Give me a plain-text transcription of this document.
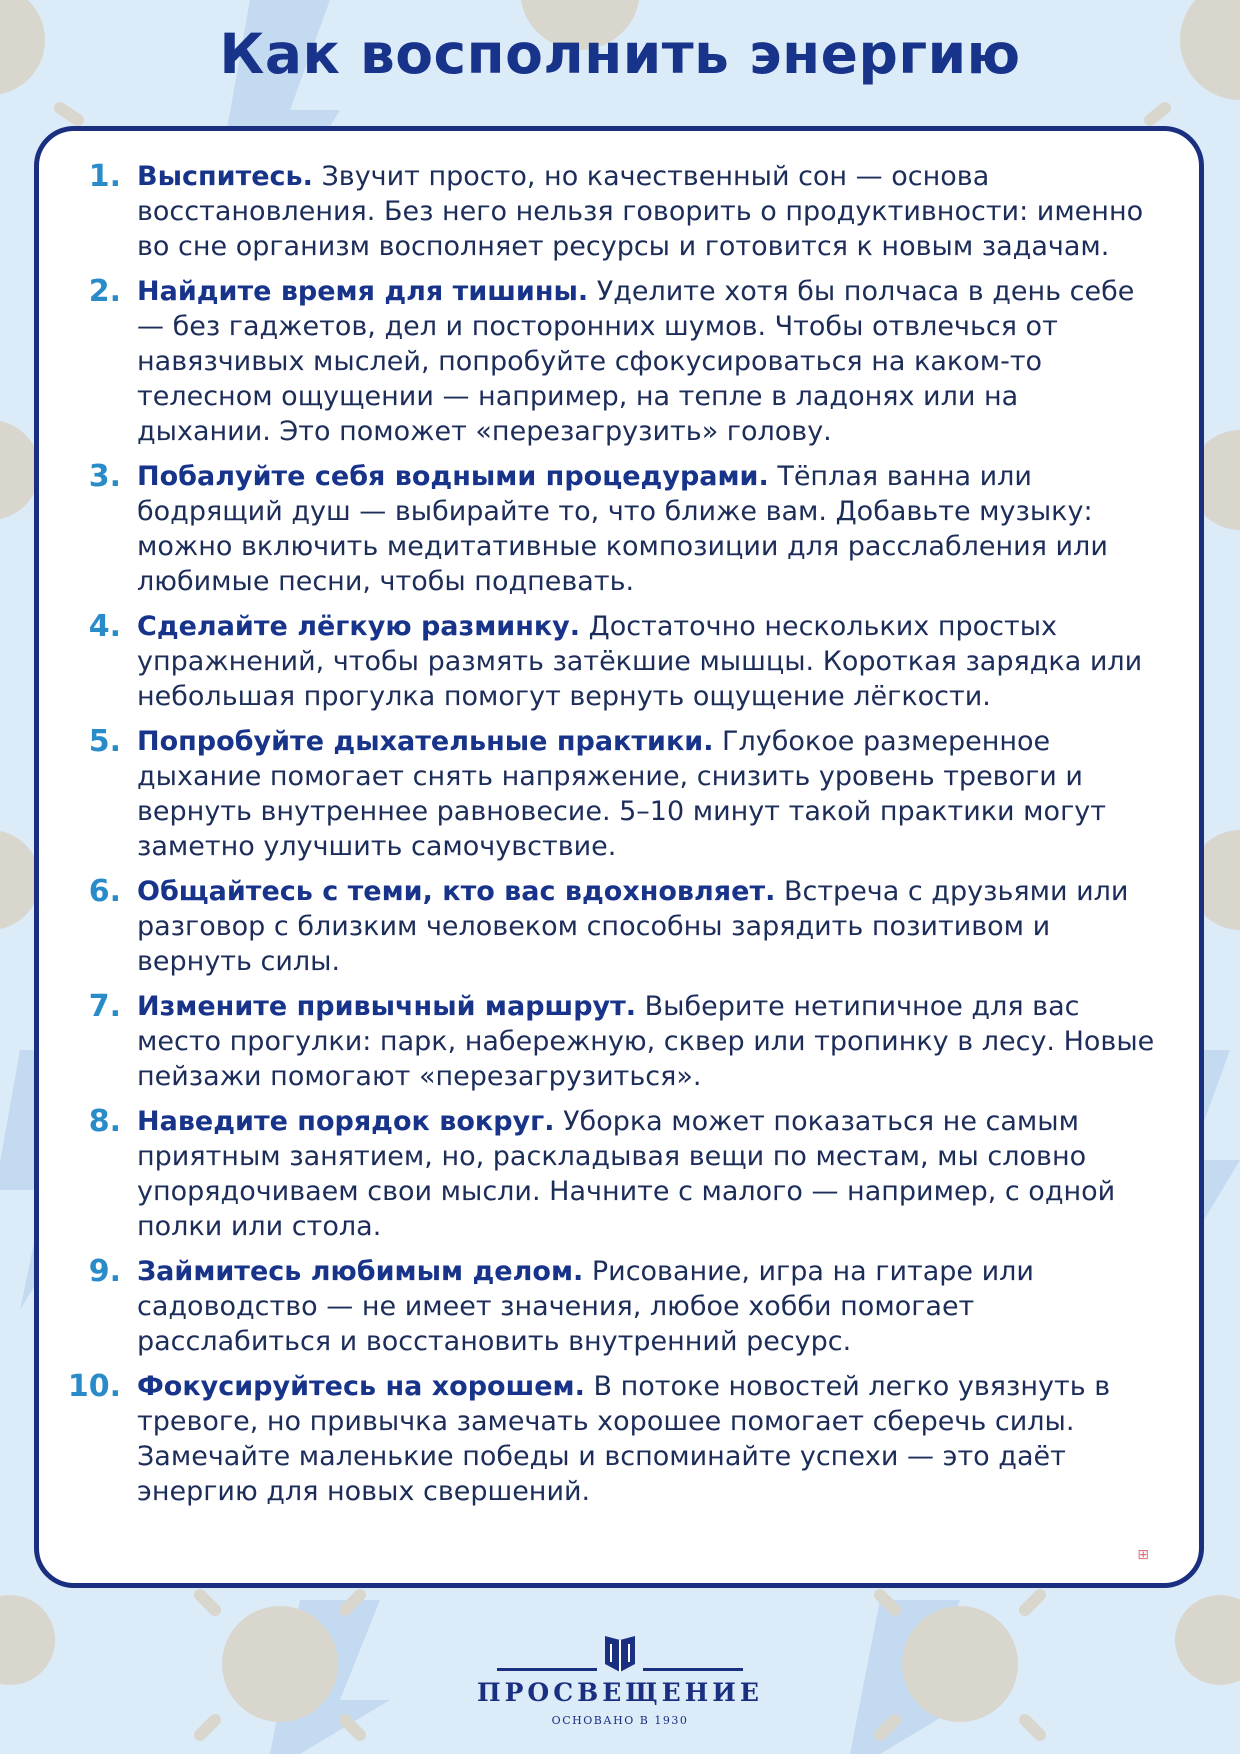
Как восполнить энергию
1. Выспитесь. Звучит просто, но качественный сон — основа восстановления. Без него нельзя говорить о продуктивности: именно во сне организм восполняет ресурсы и готовится к новым задачам.

2. Найдите время для тишины. Уделите хотя бы полчаса в день себе — без гаджетов, дел и посторонних шумов. Чтобы отвлечься от навязчивых мыслей, попробуйте сфокусироваться на каком-то телесном ощущении — например, на тепле в ладонях или на дыхании. Это поможет «перезагрузить» голову.

3. Побалуйте себя водными процедурами. Тёплая ванна или бодрящий душ — выбирайте то, что ближе вам. Добавьте музыку: можно включить медитативные композиции для расслабления или любимые песни, чтобы подпевать.

4. Сделайте лёгкую разминку. Достаточно нескольких простых упражнений, чтобы размять затёкшие мышцы. Короткая зарядка или небольшая прогулка помогут вернуть ощущение лёгкости.

5. Попробуйте дыхательные практики. Глубокое размеренное дыхание помогает снять напряжение, снизить уровень тревоги и вернуть внутреннее равновесие. 5–10 минут такой практики могут заметно улучшить самочувствие.

6. Общайтесь с теми, кто вас вдохновляет. Встреча с друзьями или разговор с близким человеком способны зарядить позитивом и вернуть силы.

7. Измените привычный маршрут. Выберите нетипичное для вас место прогулки: парк, набережную, сквер или тропинку в лесу. Новые пейзажи помогают «перезагрузиться».

8. Наведите порядок вокруг. Уборка может показаться не самым приятным занятием, но, раскладывая вещи по местам, мы словно упорядочиваем свои мысли. Начните с малого — например, с одной полки или стола.

9. Займитесь любимым делом. Рисование, игра на гитаре или садоводство — не имеет значения, любое хобби помогает расслабиться и восстановить внутренний ресурс.

10. Фокусируйтесь на хорошем. В потоке новостей легко увязнуть в тревоге, но привычка замечать хорошее помогает сберечь силы. Замечайте маленькие победы и вспоминайте успехи — это даёт энергию для новых свершений.

⊞
ПРОСВЕЩЕНИЕ
ОСНОВАНО В 1930
